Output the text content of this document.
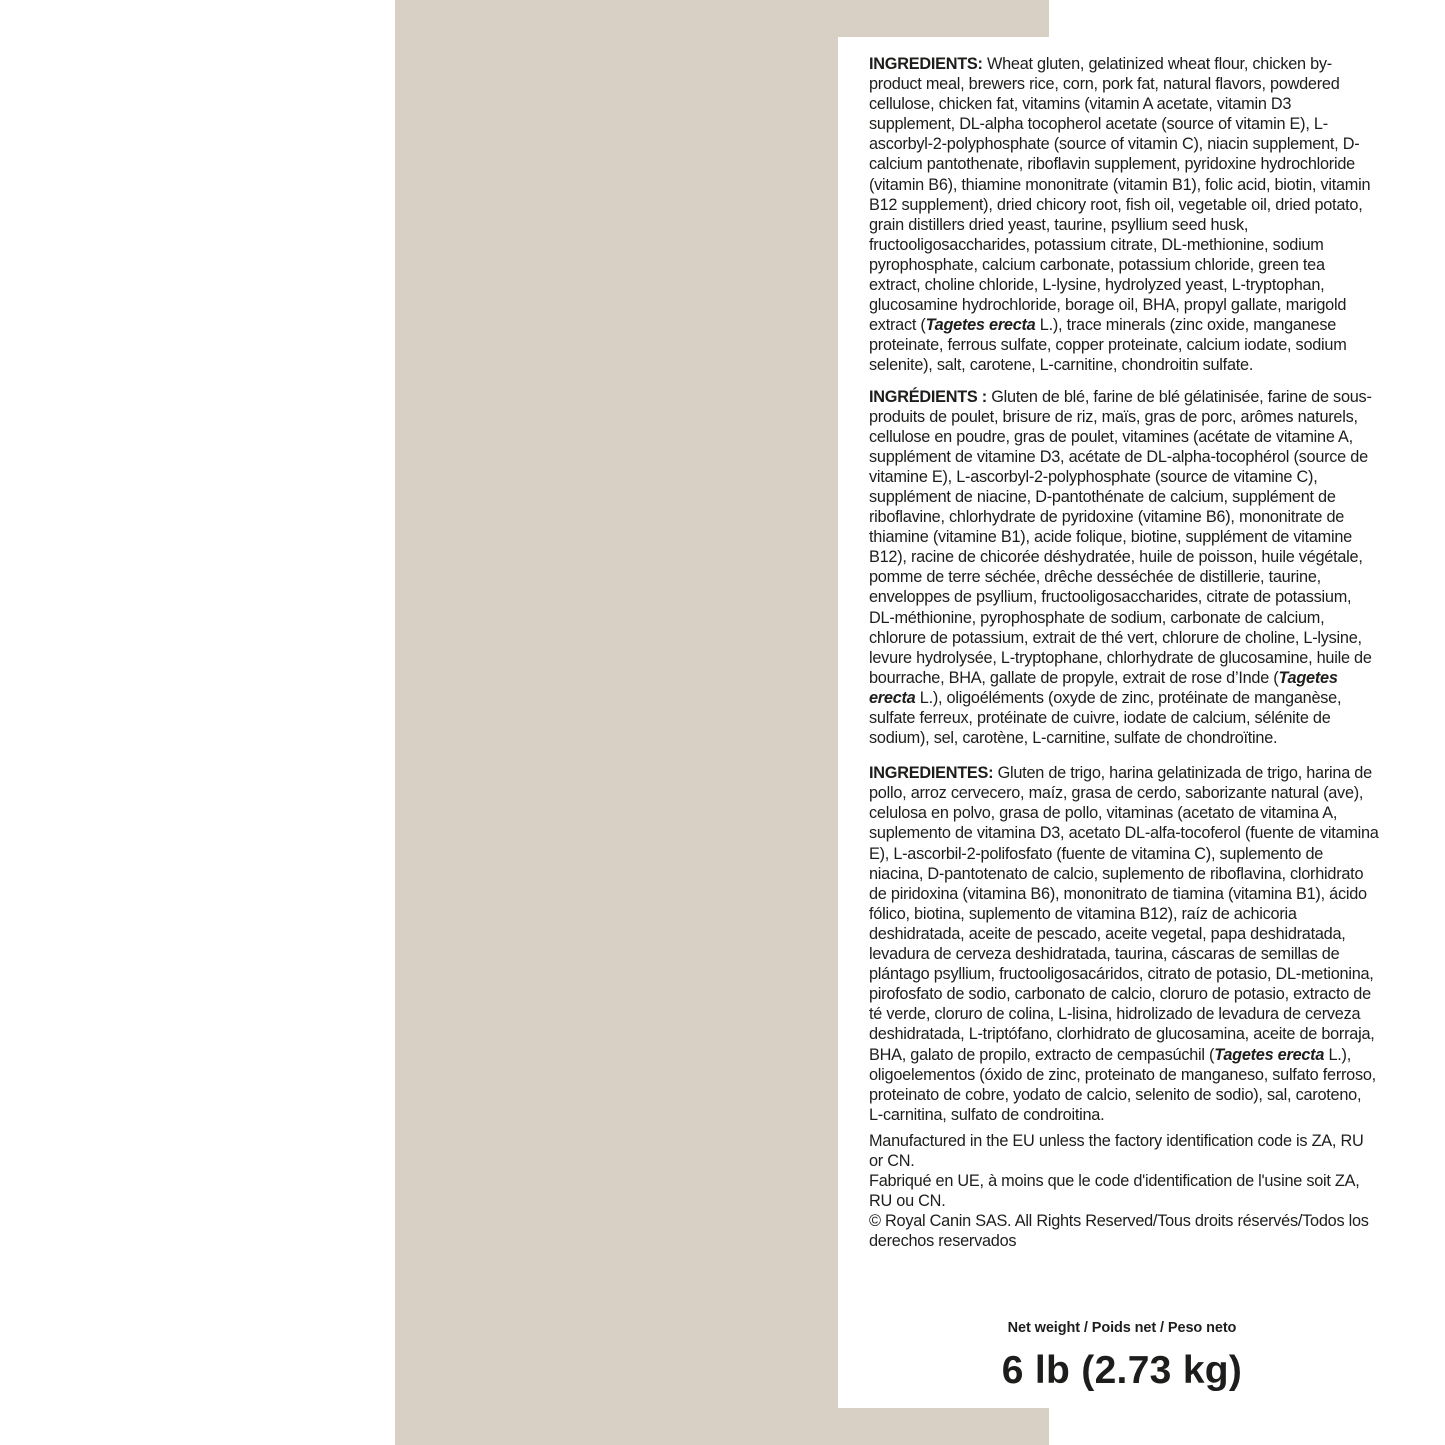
INGREDIENTS: Wheat gluten, gelatinized wheat flour, chicken by-product meal, brewers rice, corn, pork fat, natural flavors, powdered cellulose, chicken fat, vitamins (vitamin A acetate, vitamin D3 supplement, DL-alpha tocopherol acetate (source of vitamin E), L-ascorbyl-2-polyphosphate (source of vitamin C), niacin supplement, D-calcium pantothenate, riboflavin supplement, pyridoxine hydrochloride (vitamin B6), thiamine mononitrate (vitamin B1), folic acid, biotin, vitamin B12 supplement), dried chicory root, fish oil, vegetable oil, dried potato, grain distillers dried yeast, taurine, psyllium seed husk, fructooligosaccharides, potassium citrate, DL-methionine, sodium pyrophosphate, calcium carbonate, potassium chloride, green tea extract, choline chloride, L-lysine, hydrolyzed yeast, L-tryptophan, glucosamine hydrochloride, borage oil, BHA, propyl gallate, marigold extract (Tagetes erecta L.), trace minerals (zinc oxide, manganese proteinate, ferrous sulfate, copper proteinate, calcium iodate, sodium selenite), salt, carotene, L-carnitine, chondroitin sulfate.

INGRÉDIENTS : Gluten de blé, farine de blé gélatinisée, farine de sous-produits de poulet, brisure de riz, maïs, gras de porc, arômes naturels, cellulose en poudre, gras de poulet, vitamines (acétate de vitamine A, supplément de vitamine D3, acétate de DL-alpha-tocophérol (source de vitamine E), L-ascorbyl-2-polyphosphate (source de vitamine C), supplément de niacine, D-pantothénate de calcium, supplément de riboflavine, chlorhydrate de pyridoxine (vitamine B6), mononitrate de thiamine (vitamine B1), acide folique, biotine, supplément de vitamine B12), racine de chicorée déshydratée, huile de poisson, huile végétale, pomme de terre séchée, drêche desséchée de distillerie, taurine, enveloppes de psyllium, fructooligosaccharides, citrate de potassium, DL-méthionine, pyrophosphate de sodium, carbonate de calcium, chlorure de potassium, extrait de thé vert, chlorure de choline, L-lysine, levure hydrolysée, L-tryptophane, chlorhydrate de glucosamine, huile de bourrache, BHA, gallate de propyle, extrait de rose d’Inde (Tagetes erecta L.), oligoéléments (oxyde de zinc, protéinate de manganèse, sulfate ferreux, protéinate de cuivre, iodate de calcium, sélénite de sodium), sel, carotène, L-carnitine, sulfate de chondroïtine.

INGREDIENTES: Gluten de trigo, harina gelatinizada de trigo, harina de pollo, arroz cervecero, maíz, grasa de cerdo, saborizante natural (ave), celulosa en polvo, grasa de pollo, vitaminas (acetato de vitamina A, suplemento de vitamina D3, acetato DL-alfa-tocoferol (fuente de vitamina E), L-ascorbil-2-polifosfato (fuente de vitamina C), suplemento de niacina, D-pantotenato de calcio, suplemento de riboflavina, clorhidrato de piridoxina (vitamina B6), mononitrato de tiamina (vitamina B1), ácido fólico, biotina, suplemento de vitamina B12), raíz de achicoria deshidratada, aceite de pescado, aceite vegetal, papa deshidratada, levadura de cerveza deshidratada, taurina, cáscaras de semillas de plántago psyllium, fructooligosacáridos, citrato de potasio, DL-metionina, pirofosfato de sodio, carbonato de calcio, cloruro de potasio, extracto de té verde, cloruro de colina, L-lisina, hidrolizado de levadura de cerveza deshidratada, L-triptófano, clorhidrato de glucosamina, aceite de borraja, BHA, galato de propilo, extracto de cempasúchil (Tagetes erecta L.), oligoelementos (óxido de zinc, proteinato de manganeso, sulfato ferroso, proteinato de cobre, yodato de calcio, selenito de sodio), sal, caroteno, L-carnitina, sulfato de condroitina.

Manufactured in the EU unless the factory identification code is ZA, RU or CN.

Fabriqué en UE, à moins que le code d'identification de l'usine soit ZA, RU ou CN.

© Royal Canin SAS. All Rights Reserved/Tous droits réservés/Todos los derechos reservados

Net weight / Poids net / Peso neto
6 lb (2.73 kg)
